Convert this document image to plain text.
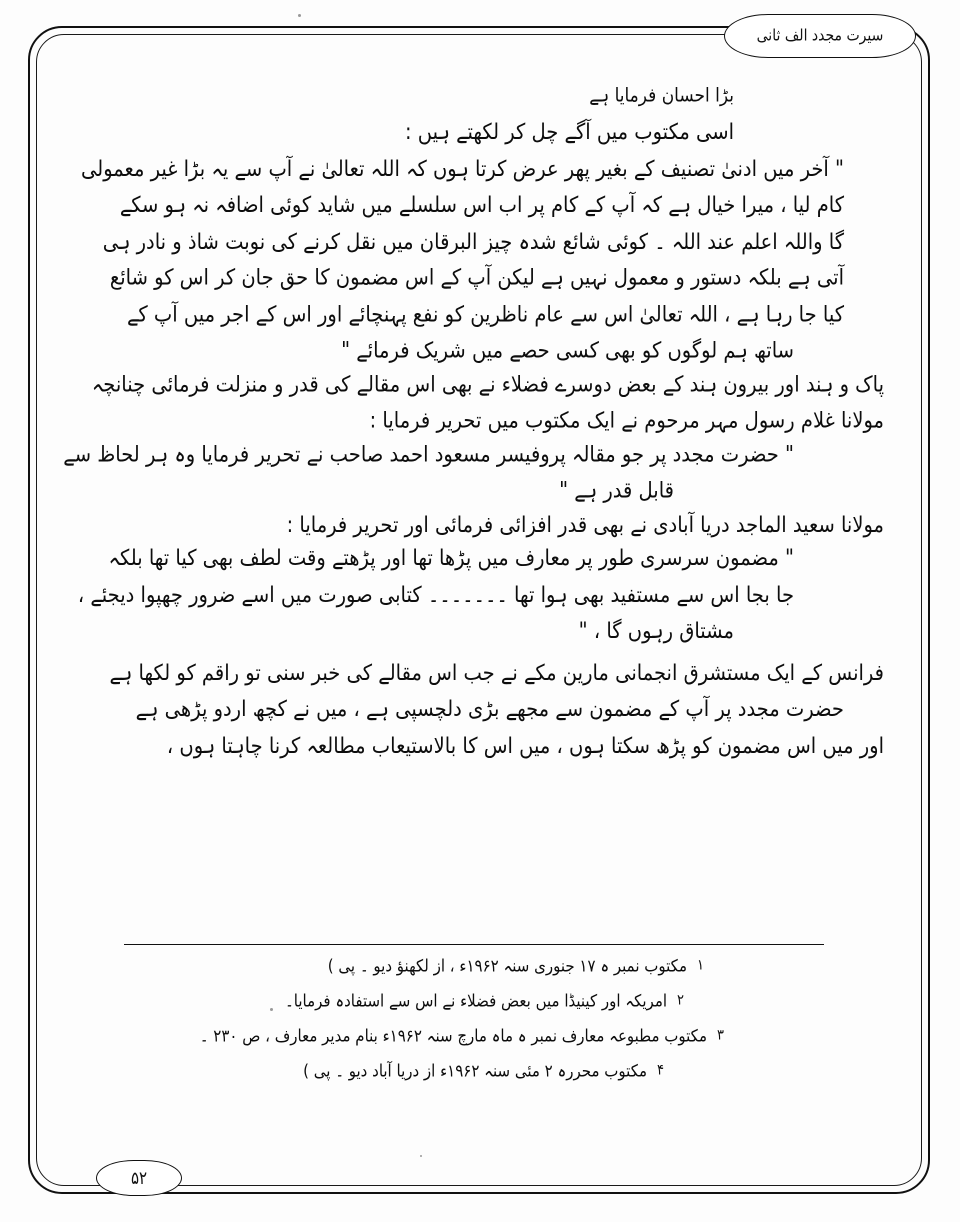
سیرت مجدد الف ثانی

بڑا احسان فرمایا ہے

اسی مکتوب میں آگے چل کر لکھتے ہیں :

" آخر میں ادنیٰ تصنیف کے بغیر پھر عرض کرتا ہوں کہ اللہ تعالیٰ نے آپ سے یہ بڑا غیر معمولی

کام لیا ، میرا خیال ہے کہ آپ کے کام پر اب اس سلسلے میں شاید کوئی اضافہ نہ ہو سکے

گا واللہ اعلم عند اللہ ۔ کوئی شائع شدہ چیز البرقان میں نقل کرنے کی نوبت شاذ و نادر ہی

آتی ہے بلکہ دستور و معمول نہیں ہے لیکن آپ کے اس مضمون کا حق جان کر اس کو شائع

کیا جا رہا ہے ، اللہ تعالیٰ اس سے عام ناظرین کو نفع پہنچائے اور اس کے اجر میں آپ کے

ساتھ ہم لوگوں کو بھی کسی حصے میں شریک فرمائے "

پاک و ہند اور بیرون ہند کے بعض دوسرے فضلاء نے بھی اس مقالے کی قدر و منزلت فرمائی چنانچہ

مولانا غلام رسول مہر مرحوم نے ایک مکتوب میں تحریر فرمایا :

" حضرت مجدد پر جو مقالہ پروفیسر مسعود احمد صاحب نے تحریر فرمایا وہ ہر لحاظ سے

قابل قدر ہے "

مولانا سعید الماجد دریا آبادی نے بھی قدر افزائی فرمائی اور تحریر فرمایا :

" مضمون سرسری طور پر معارف میں پڑھا تھا اور پڑھتے وقت لطف بھی کیا تھا بلکہ

جا بجا اس سے مستفید بھی ہوا تھا ۔۔۔۔۔۔۔ کتابی صورت میں اسے ضرور چھپوا دیجئے ،

مشتاق رہوں گا ، "

فرانس کے ایک مستشرق انجمانی مارین مکے نے جب اس مقالے کی خبر سنی تو راقم کو لکھا ہے

حضرت مجدد پر آپ کے مضمون سے مجھے بڑی دلچسپی ہے ، میں نے کچھ اردو پڑھی ہے

اور میں اس مضمون کو پڑھ سکتا ہوں ، میں اس کا بالاستیعاب مطالعہ کرنا چاہتا ہوں ،

۱مکتوب نمبر ہ ۱۷ جنوری سنہ ۱۹۶۲ء ، از لکھنؤ دیو ۔ پی )

۲امریکہ اور کینیڈا میں بعض فضلاء نے اس سے استفادہ فرمایا۔

۳مکتوب مطبوعہ معارف نمبر ہ ماہ مارچ سنہ ۱۹۶۲ء بنام مدیر معارف ، ص ۲۳۰ ۔

۴مکتوب محررہ ۲ مئی سنہ ۱۹۶۲ء از دریا آباد دیو ۔ پی )

۵۲
